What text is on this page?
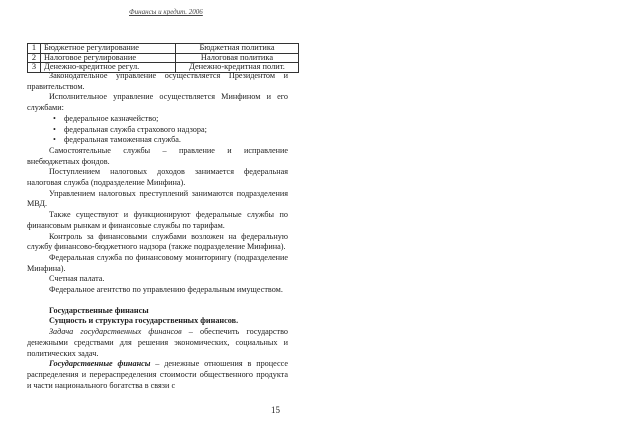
Финансы и кредит. 2006
1	Бюджетное регулирование	Бюджетная политика
2	Налоговое регулирование	Налоговая политика
3	Денежно-кредитное регул.	Денежно-кредитная полит.

Законодательное управление осуществляется Президентом и правительством.

Исполнительное управление осуществляется Минфином и его службами:

• федеральное казначейство;
• федеральная служба страхового надзора;
• федеральная таможенная служба.

Самостоятельные службы – правление и исправление внебюджетных фондов.

Поступлением налоговых доходов занимается федеральная налоговая служба (подразделение Минфина).

Управлением налоговых преступлений занимаются подразделения МВД.

Также существуют и функционируют федеральные службы по финансовым рынкам и финансовые службы по тарифам.

Контроль за финансовыми службами возложен на федеральную службу финансово-бюджетного надзора (также подразделение Минфина).

Федеральная служба по финансовому мониторингу (подразделение Минфина).

Счетная палата.

Федеральное агентство по управлению федеральным имуществом.

Государственные финансы

Сущность и структура государственных финансов.

Задача государственных финансов – обеспечить государство денежными средствами для решения экономических, социальных и политических задач.

Государственные финансы – денежные отношения в процессе распределения и перераспределения стоимости общественного продукта и части национального богатства в связи с

15
